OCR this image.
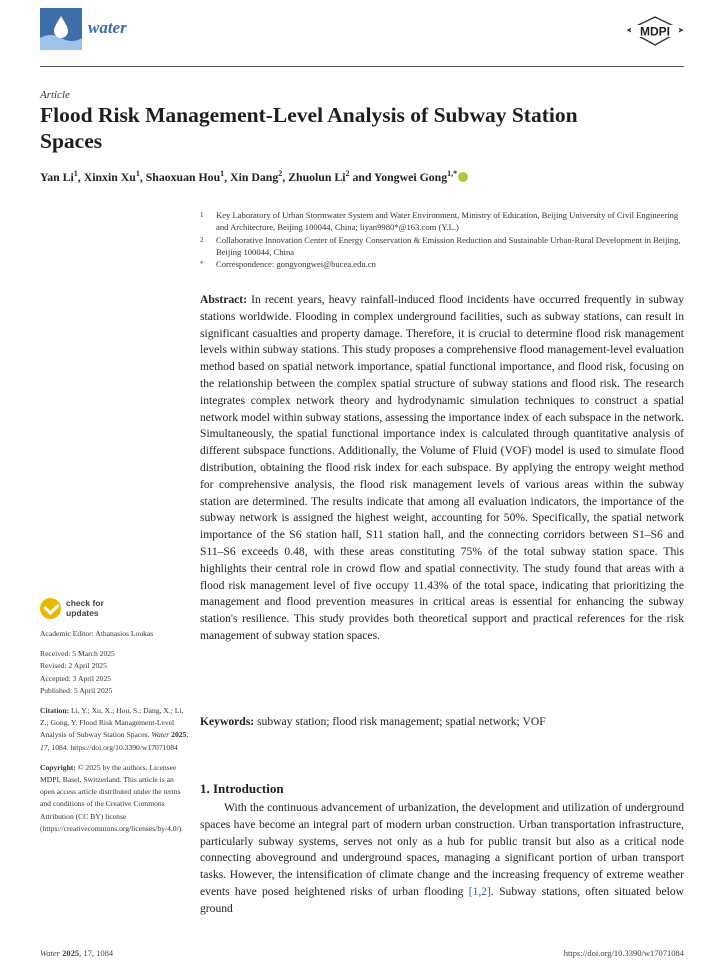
water	MDPI
Article
Flood Risk Management-Level Analysis of Subway Station Spaces
Yan Li$^1$, Xinxin Xu$^1$, Shaoxuan Hou$^1$, Xin Dang$^2$, Zhuolun Li$^2$ and Yongwei Gong$^{1,*}$
1 Key Laboratory of Urban Stormwater System and Water Environment, Ministry of Education, Beijing University of Civil Engineering and Architecture, Beijing 100044, China; liyan9980*@163.com (Y.L.)
2 Collaborative Innovation Center of Energy Conservation & Emission Reduction and Sustainable Urban-Rural Development in Beijing, Beijing 100044, China
* Correspondence: gongyongwei@bucea.edu.cn
Abstract: In recent years, heavy rainfall-induced flood incidents have occurred frequently in subway stations worldwide. Flooding in complex underground facilities, such as subway stations, can result in significant casualties and property damage. Therefore, it is crucial to determine flood risk management levels within subway stations. This study proposes a comprehensive flood management-level evaluation method based on spatial network importance, spatial functional importance, and flood risk, focusing on the relationship between the complex spatial structure of subway stations and flood risk. The research integrates complex network theory and hydrodynamic simulation techniques to construct a spatial network model within subway stations, assessing the importance index of each subspace in the network. Simultaneously, the spatial functional importance index is calculated through quantitative analysis of different subspace functions. Additionally, the Volume of Fluid (VOF) model is used to simulate flood distribution, obtaining the flood risk index for each subspace. By applying the entropy weight method for comprehensive analysis, the flood risk management levels of various areas within the subway station are determined. The results indicate that among all evaluation indicators, the importance of the subway network is assigned the highest weight, accounting for 50%. Specifically, the spatial network importance of the S6 station hall, S11 station hall, and the connecting corridors between S1–S6 and S11–S6 exceeds 0.48, with these areas constituting 75% of the total subway station space. This highlights their central role in crowd flow and spatial connectivity. The study found that areas with a flood risk management level of five occupy 11.43% of the total space, indicating that prioritizing the management and flood prevention measures in critical areas is essential for enhancing the subway station's resilience. This study provides both theoretical support and practical references for the risk management of subway station spaces.
Keywords: subway station; flood risk management; spatial network; VOF
check for
updates

Academic Editor: Athanasios Loukas

Received: 5 March 2025

Revised: 2 April 2025

Accepted: 3 April 2025

Published: 5 April 2025

Citation: Li, Y.; Xu, X.; Hou, S.; Dang, X.; Li, Z.; Gong, Y. Flood Risk Management-Level Analysis of Subway Station Spaces. Water 2025, 17, 1084. https://doi.org/10.3390/w17071084

Copyright: © 2025 by the authors. Licensee MDPI, Basel, Switzerland. This article is an open access article distributed under the terms and conditions of the Creative Commons Attribution (CC BY) license (https://creativecommons.org/licenses/by/4.0/).

1. Introduction
With the continuous advancement of urbanization, the development and utilization of underground spaces have become an integral part of modern urban construction. Urban transportation infrastructure, particularly subway systems, serves not only as a hub for public transit but also as a critical node connecting aboveground and underground spaces, managing a significant portion of urban transport tasks. However, the intensification of climate change and the increasing frequency of extreme weather events have posed heightened risks of urban flooding [1,2]. Subway stations, often situated below ground
Water 2025, 17, 1084	https://doi.org/10.3390/w17071084
